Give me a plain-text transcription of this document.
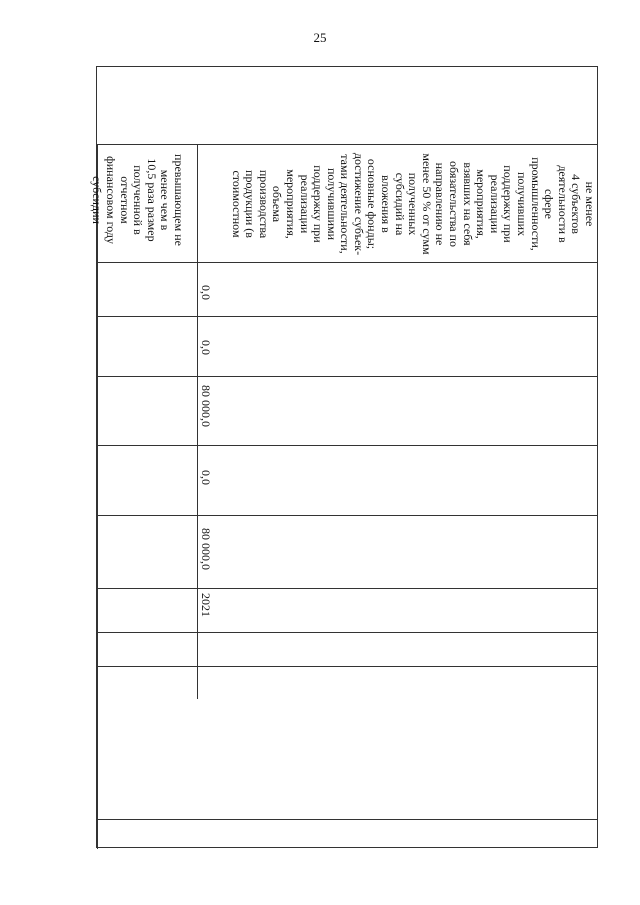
25
превышающем не
менее чем в
10,5 раза размер
полученной в
отчетном
финансовом году
субсидии	не менее
4 субъектов
деятельности в
сфере
промышленности,
получивших
поддержку при
реализации
мероприятия,
взявших на себя
обязательства по
направлению не
менее 50 % от сумм
полученных
субсидий на
вложения в
основные фонды;
достижение субъек-
тами деятельности,
получившими
поддержку при
реализации
мероприятия,
объема
производства
продукции (в
стоимостном
0,0
0,0
80 000,0
0,0
80 000,0
2021
